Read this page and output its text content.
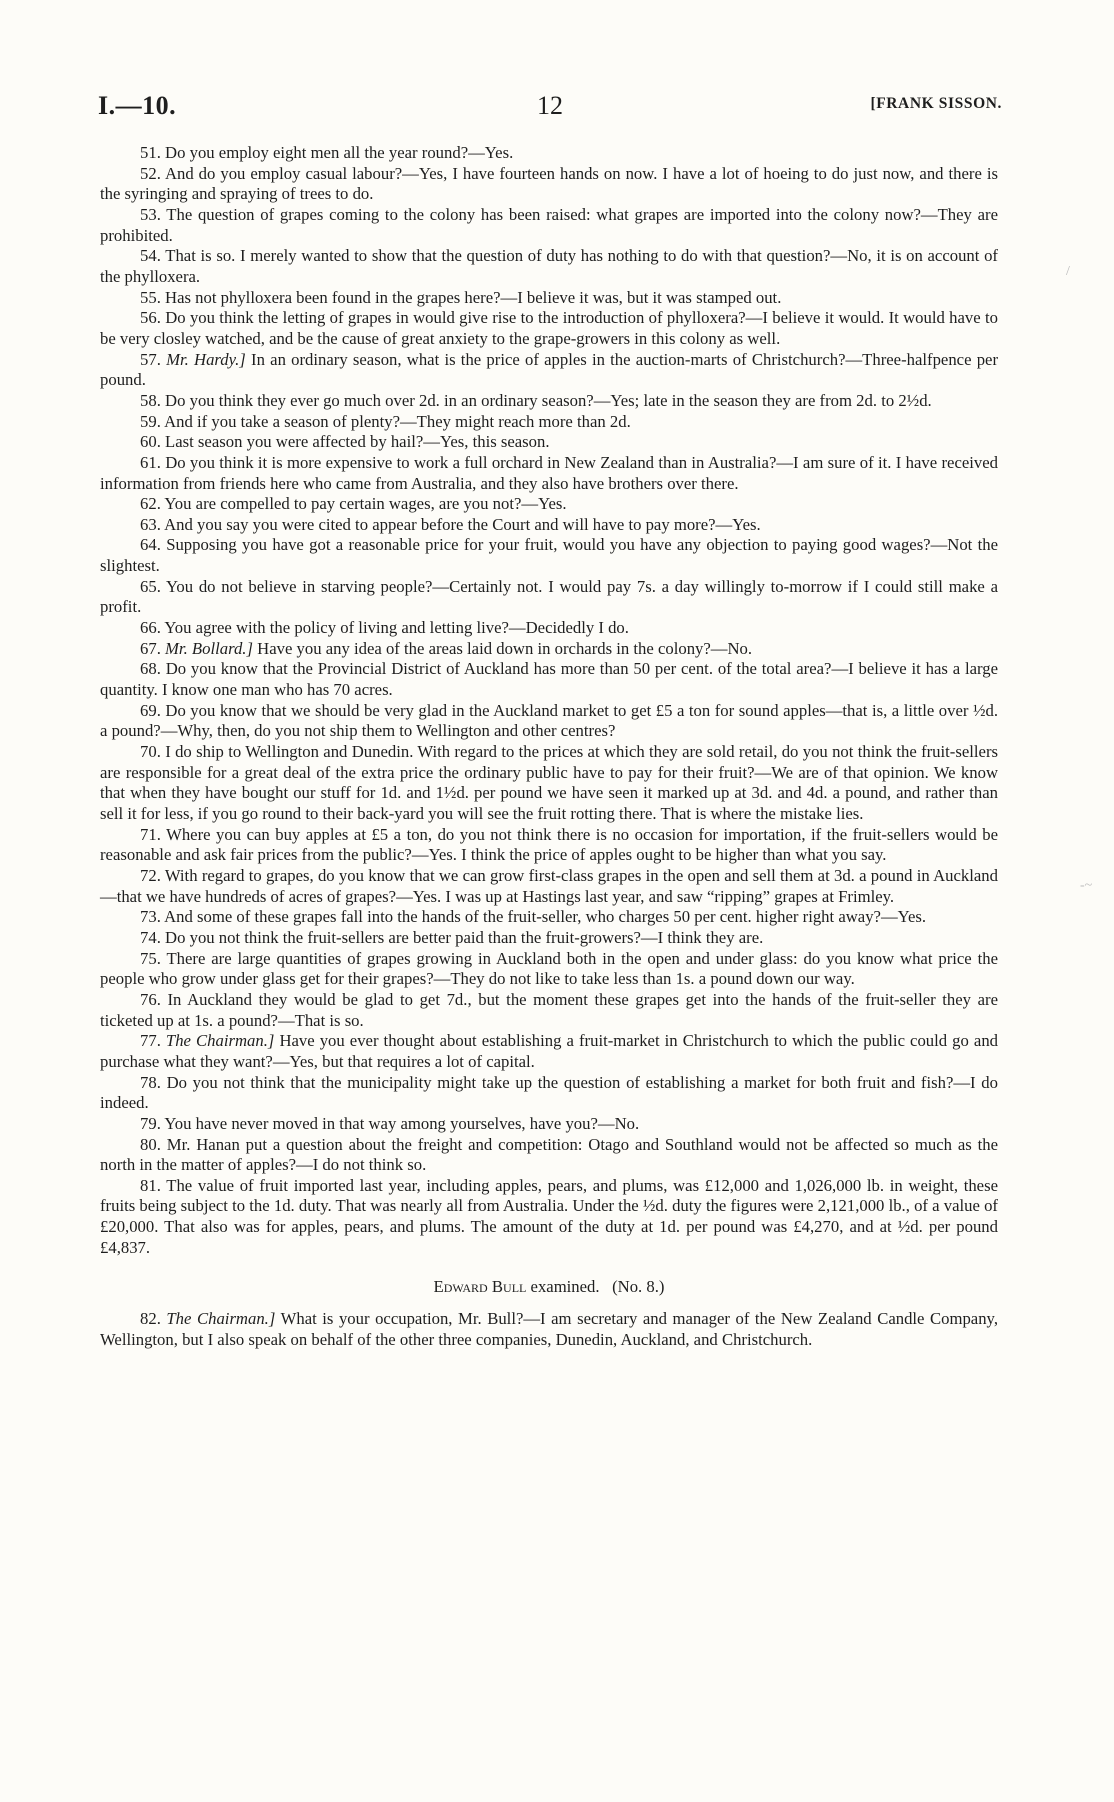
I.—10.	12	[FRANK SISSON.

51. Do you employ eight men all the year round?—Yes.

52. And do you employ casual labour?—Yes, I have fourteen hands on now. I have a lot of hoeing to do just now, and there is the syringing and spraying of trees to do.

53. The question of grapes coming to the colony has been raised: what grapes are imported into the colony now?—They are prohibited.

54. That is so. I merely wanted to show that the question of duty has nothing to do with that question?—No, it is on account of the phylloxera.

55. Has not phylloxera been found in the grapes here?—I believe it was, but it was stamped out.

56. Do you think the letting of grapes in would give rise to the introduction of phylloxera?—I believe it would. It would have to be very closley watched, and be the cause of great anxiety to the grape-growers in this colony as well.

57. Mr. Hardy.] In an ordinary season, what is the price of apples in the auction-marts of Christchurch?—Three-halfpence per pound.

58. Do you think they ever go much over 2d. in an ordinary season?—Yes; late in the season they are from 2d. to 2½d.

59. And if you take a season of plenty?—They might reach more than 2d.

60. Last season you were affected by hail?—Yes, this season.

61. Do you think it is more expensive to work a full orchard in New Zealand than in Australia?—I am sure of it. I have received information from friends here who came from Australia, and they also have brothers over there.

62. You are compelled to pay certain wages, are you not?—Yes.

63. And you say you were cited to appear before the Court and will have to pay more?—Yes.

64. Supposing you have got a reasonable price for your fruit, would you have any objection to paying good wages?—Not the slightest.

65. You do not believe in starving people?—Certainly not. I would pay 7s. a day willingly to-morrow if I could still make a profit.

66. You agree with the policy of living and letting live?—Decidedly I do.

67. Mr. Bollard.] Have you any idea of the areas laid down in orchards in the colony?—No.

68. Do you know that the Provincial District of Auckland has more than 50 per cent. of the total area?—I believe it has a large quantity. I know one man who has 70 acres.

69. Do you know that we should be very glad in the Auckland market to get £5 a ton for sound apples—that is, a little over ½d. a pound?—Why, then, do you not ship them to Wellington and other centres?

70. I do ship to Wellington and Dunedin. With regard to the prices at which they are sold retail, do you not think the fruit-sellers are responsible for a great deal of the extra price the ordinary public have to pay for their fruit?—We are of that opinion. We know that when they have bought our stuff for 1d. and 1½d. per pound we have seen it marked up at 3d. and 4d. a pound, and rather than sell it for less, if you go round to their back-yard you will see the fruit rotting there. That is where the mistake lies.

71. Where you can buy apples at £5 a ton, do you not think there is no occasion for importation, if the fruit-sellers would be reasonable and ask fair prices from the public?—Yes. I think the price of apples ought to be higher than what you say.

72. With regard to grapes, do you know that we can grow first-class grapes in the open and sell them at 3d. a pound in Auckland—that we have hundreds of acres of grapes?—Yes. I was up at Hastings last year, and saw “ripping” grapes at Frimley.

73. And some of these grapes fall into the hands of the fruit-seller, who charges 50 per cent. higher right away?—Yes.

74. Do you not think the fruit-sellers are better paid than the fruit-growers?—I think they are.

75. There are large quantities of grapes growing in Auckland both in the open and under glass: do you know what price the people who grow under glass get for their grapes?—They do not like to take less than 1s. a pound down our way.

76. In Auckland they would be glad to get 7d., but the moment these grapes get into the hands of the fruit-seller they are ticketed up at 1s. a pound?—That is so.

77. The Chairman.] Have you ever thought about establishing a fruit-market in Christchurch to which the public could go and purchase what they want?—Yes, but that requires a lot of capital.

78. Do you not think that the municipality might take up the question of establishing a market for both fruit and fish?—I do indeed.

79. You have never moved in that way among yourselves, have you?—No.

80. Mr. Hanan put a question about the freight and competition: Otago and Southland would not be affected so much as the north in the matter of apples?—I do not think so.

81. The value of fruit imported last year, including apples, pears, and plums, was £12,000 and 1,026,000 lb. in weight, these fruits being subject to the 1d. duty. That was nearly all from Australia. Under the ½d. duty the figures were 2,121,000 lb., of a value of £20,000. That also was for apples, pears, and plums. The amount of the duty at 1d. per pound was £4,270, and at ½d. per pound £4,837.

Edward Bull examined. (No. 8.)

82. The Chairman.] What is your occupation, Mr. Bull?—I am secretary and manager of the New Zealand Candle Company, Wellington, but I also speak on behalf of the other three companies, Dunedin, Auckland, and Christchurch.

/
-~
